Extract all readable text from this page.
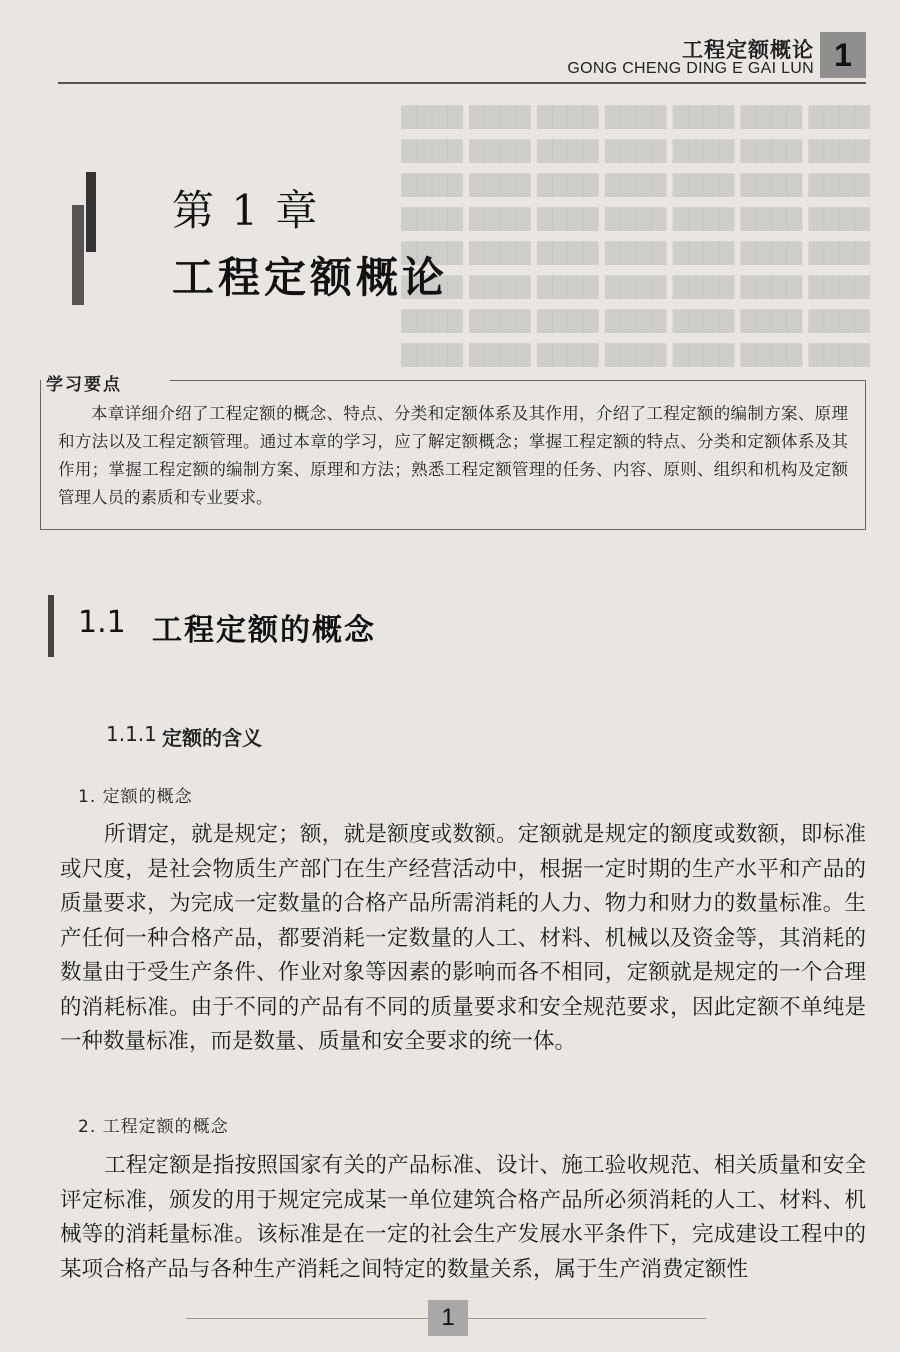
████ ████ ████ ████ ████ ████ ████
████ ████ ████ ████ ████ ████ ████
████ ████ ████ ████ ████ ████ ████
████ ████ ████ ████ ████ ████ ████
████ ████ ████ ████ ████ ████ ████
████ ████ ████ ████ ████ ████ ████
████ ████ ████ ████ ████ ████ ████
████ ████ ████ ████ ████ ████ ████
工程定额概论
GONG CHENG DING E GAI LUN 1
第 1 章
工程定额概论
学习要点
本章详细介绍了工程定额的概念、特点、分类和定额体系及其作用，介绍了工程定额的编制方案、原理和方法以及工程定额管理。通过本章的学习，应了解定额概念；掌握工程定额的特点、分类和定额体系及其作用；掌握工程定额的编制方案、原理和方法；熟悉工程定额管理的任务、内容、原则、组织和机构及定额管理人员的素质和专业要求。
1.1 工程定额的概念
1.1.1 定额的含义
1. 定额的概念
所谓定，就是规定；额，就是额度或数额。定额就是规定的额度或数额，即标准或尺度，是社会物质生产部门在生产经营活动中，根据一定时期的生产水平和产品的质量要求，为完成一定数量的合格产品所需消耗的人力、物力和财力的数量标准。生产任何一种合格产品，都要消耗一定数量的人工、材料、机械以及资金等，其消耗的数量由于受生产条件、作业对象等因素的影响而各不相同，定额就是规定的一个合理的消耗标准。由于不同的产品有不同的质量要求和安全规范要求，因此定额不单纯是一种数量标准，而是数量、质量和安全要求的统一体。
2. 工程定额的概念
工程定额是指按照国家有关的产品标准、设计、施工验收规范、相关质量和安全评定标准，颁发的用于规定完成某一单位建筑合格产品所必须消耗的人工、材料、机械等的消耗量标准。该标准是在一定的社会生产发展水平条件下，完成建设工程中的某项合格产品与各种生产消耗之间特定的数量关系，属于生产消费定额性
1
